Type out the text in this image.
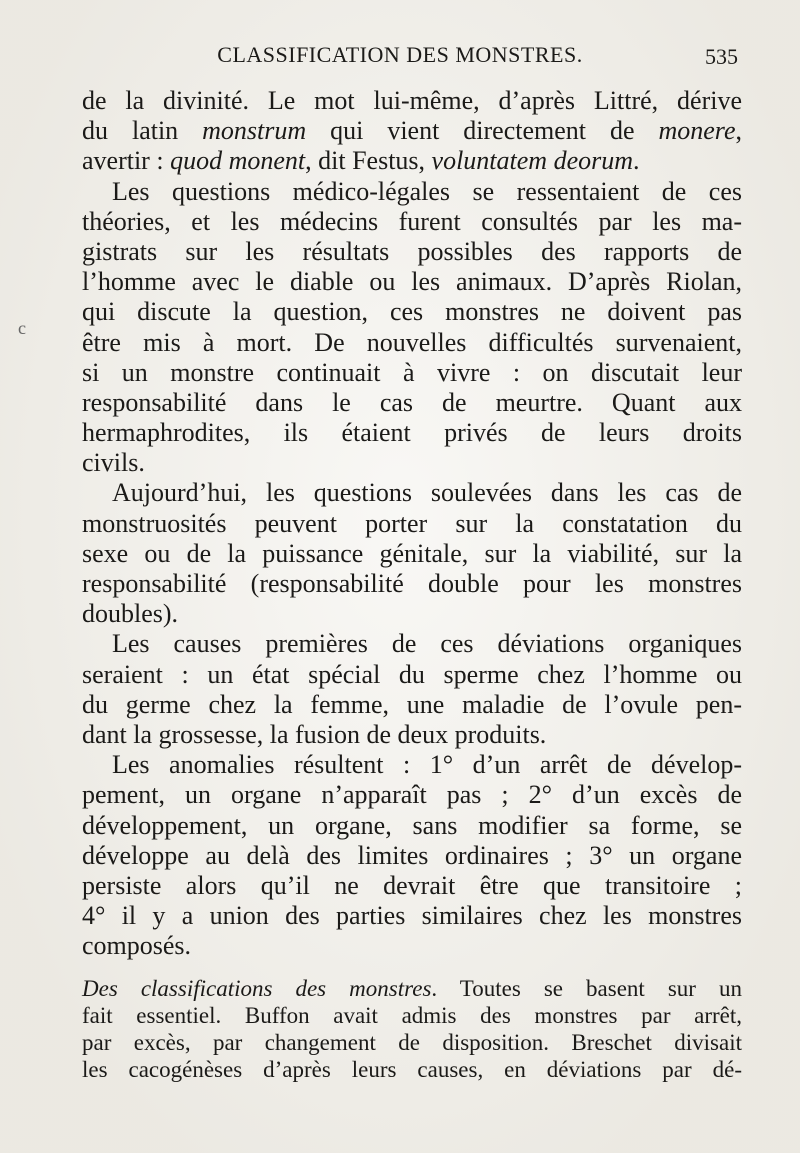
CLASSIFICATION DES MONSTRES.	535
c
de la divinité. Le mot lui-même, d’après Littré, dérive
du latin monstrum qui vient directement de monere,
avertir : quod monent, dit Festus, voluntatem deorum.
Les questions médico-légales se ressentaient de ces
théories, et les médecins furent consultés par les ma-
gistrats sur les résultats possibles des rapports de
l’homme avec le diable ou les animaux. D’après Riolan,
qui discute la question, ces monstres ne doivent pas
être mis à mort. De nouvelles difficultés survenaient,
si un monstre continuait à vivre : on discutait leur
responsabilité dans le cas de meurtre. Quant aux
hermaphrodites, ils étaient privés de leurs droits
civils.
Aujourd’hui, les questions soulevées dans les cas de
monstruosités peuvent porter sur la constatation du
sexe ou de la puissance génitale, sur la viabilité, sur la
responsabilité (responsabilité double pour les monstres
doubles).
Les causes premières de ces déviations organiques
seraient : un état spécial du sperme chez l’homme ou
du germe chez la femme, une maladie de l’ovule pen-
dant la grossesse, la fusion de deux produits.
Les anomalies résultent : 1° d’un arrêt de dévelop-
pement, un organe n’apparaît pas ; 2° d’un excès de
développement, un organe, sans modifier sa forme, se
développe au delà des limites ordinaires ; 3° un organe
persiste alors qu’il ne devrait être que transitoire ;
4° il y a union des parties similaires chez les monstres
composés.
Des classifications des monstres. Toutes se basent sur un
fait essentiel. Buffon avait admis des monstres par arrêt,
par excès, par changement de disposition. Breschet divisait
les cacogénèses d’après leurs causes, en déviations par dé-
